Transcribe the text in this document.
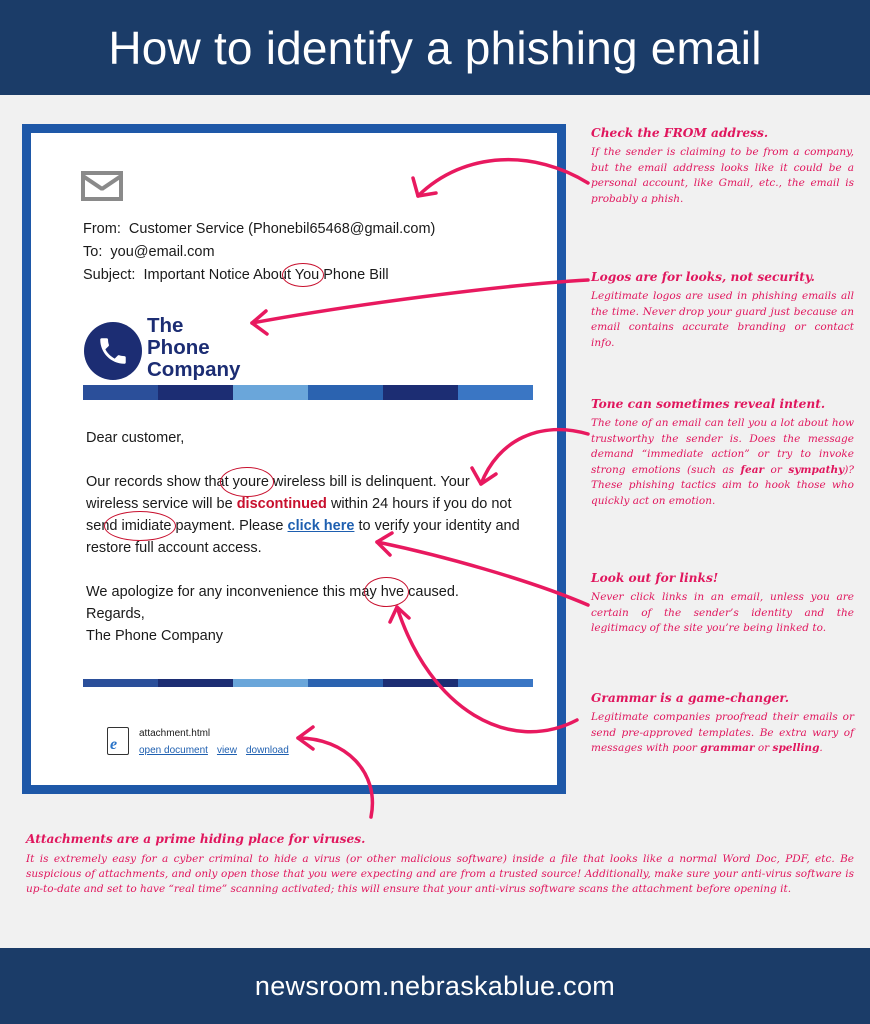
How to identify a phishing email
From: Customer Service (Phonebil65468@gmail.com)
To: you@email.com
Subject: Important Notice About You Phone Bill
The
Phone
Company
Dear customer,
Our records show that youre wireless bill is delinquent. Your wireless service will be discontinued within 24 hours if you do not send imidiate payment. Please click here to verify your identity and restore full account access.
We apologize for any inconvenience this may hve caused.
Regards,
The Phone Company
e
attachment.html
open document view download
Check the FROM address.
If the sender is claiming to be from a company, but the email address looks like it could be a personal account, like Gmail, etc., the email is probably a phish.
Logos are for looks, not security.
Legitimate logos are used in phishing emails all the time. Never drop your guard just because an email contains accurate branding or contact info.
Tone can sometimes reveal intent.
The tone of an email can tell you a lot about how trustworthy the sender is. Does the message demand “immediate action” or try to invoke strong emotions (such as fear or sympathy)? These phishing tactics aim to hook those who quickly act on emotion.
Look out for links!
Never click links in an email, unless you are certain of the sender’s identity and the legitimacy of the site you’re being linked to.
Grammar is a game-changer.
Legitimate companies proofread their emails or send pre-approved templates. Be extra wary of messages with poor grammar or spelling.
Attachments are a prime hiding place for viruses.
It is extremely easy for a cyber criminal to hide a virus (or other malicious software) inside a file that looks like a normal Word Doc, PDF, etc. Be suspicious of attachments, and only open those that you were expecting and are from a trusted source! Additionally, make sure your anti-virus software is up-to-date and set to have “real time” scanning activated; this will ensure that your anti-virus software scans the attachment before opening it.
newsroom.nebraskablue.com
